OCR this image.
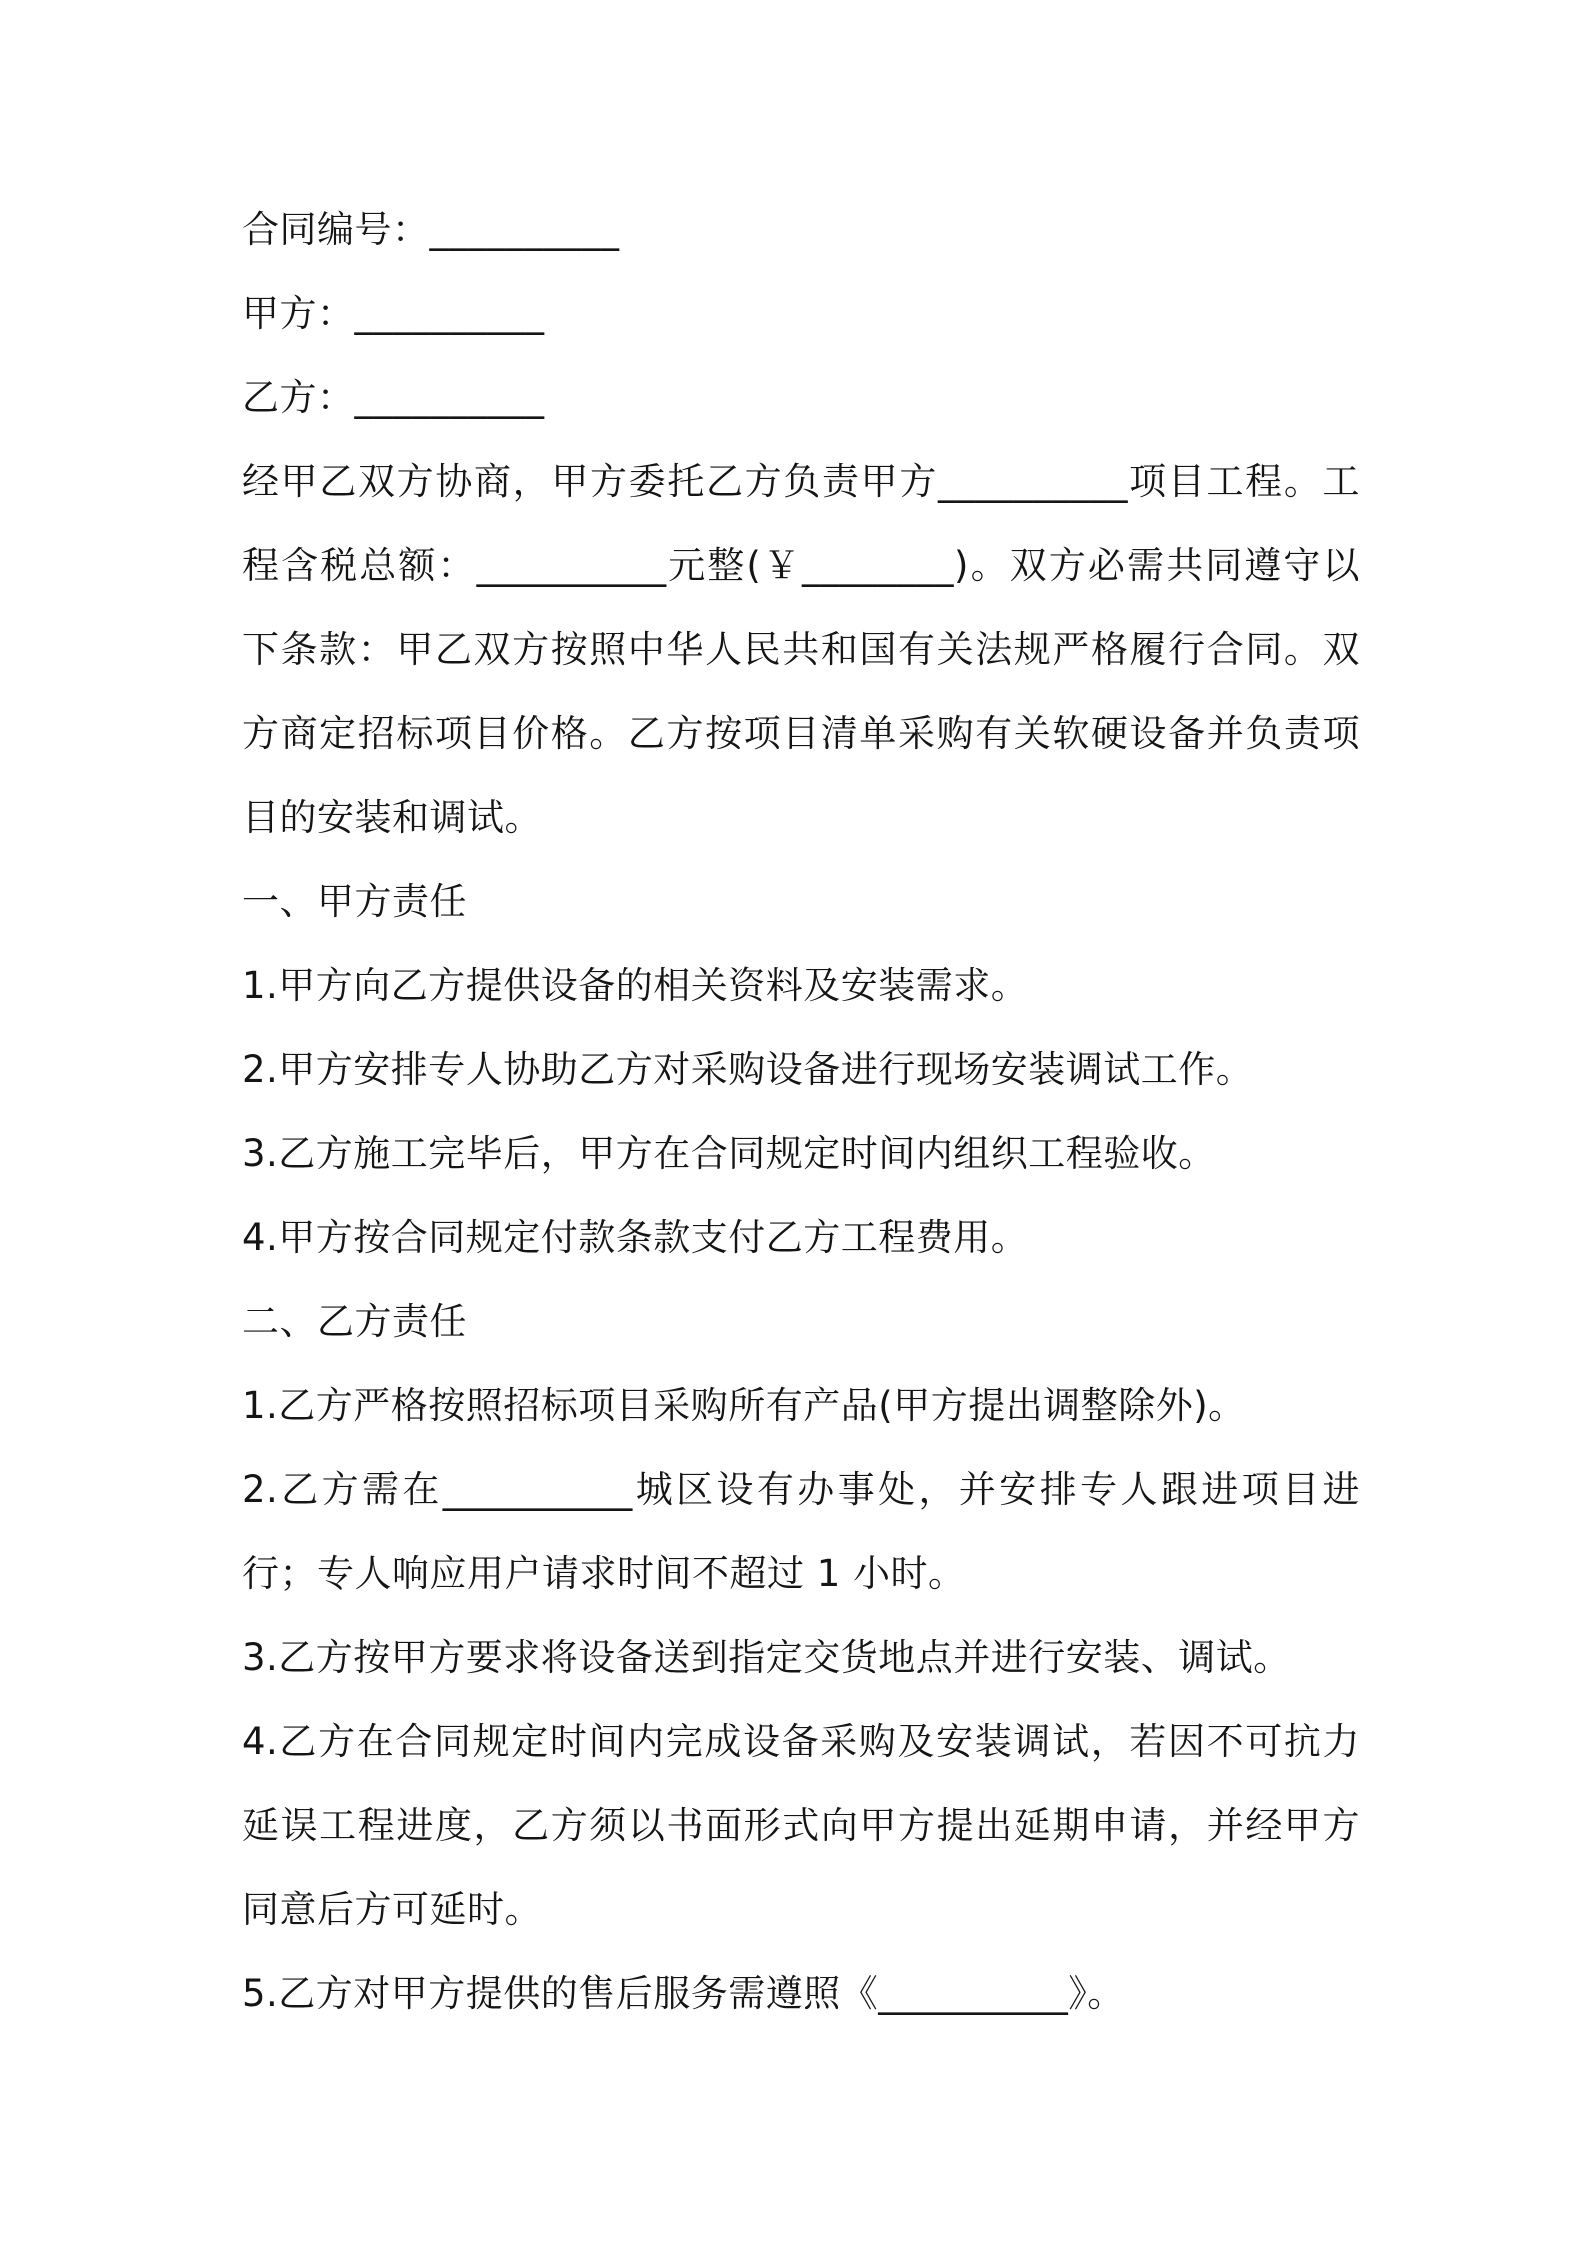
合同编号：__________
甲方：__________
乙方：__________
经甲乙双方协商，甲方委托乙方负责甲方__________项目工程。工程含税总额：__________元整(￥________)。双方必需共同遵守以下条款：甲乙双方按照中华人民共和国有关法规严格履行合同。双方商定招标项目价格。乙方按项目清单采购有关软硬设备并负责项目的安装和调试。
一、甲方责任
1.甲方向乙方提供设备的相关资料及安装需求。
2.甲方安排专人协助乙方对采购设备进行现场安装调试工作。
3.乙方施工完毕后，甲方在合同规定时间内组织工程验收。
4.甲方按合同规定付款条款支付乙方工程费用。
二、乙方责任
1.乙方严格按照招标项目采购所有产品(甲方提出调整除外)。
2.乙方需在__________城区设有办事处，并安排专人跟进项目进行；专人响应用户请求时间不超过 1 小时。
3.乙方按甲方要求将设备送到指定交货地点并进行安装、调试。
4.乙方在合同规定时间内完成设备采购及安装调试，若因不可抗力延误工程进度，乙方须以书面形式向甲方提出延期申请，并经甲方同意后方可延时。
5.乙方对甲方提供的售后服务需遵照《__________》。
